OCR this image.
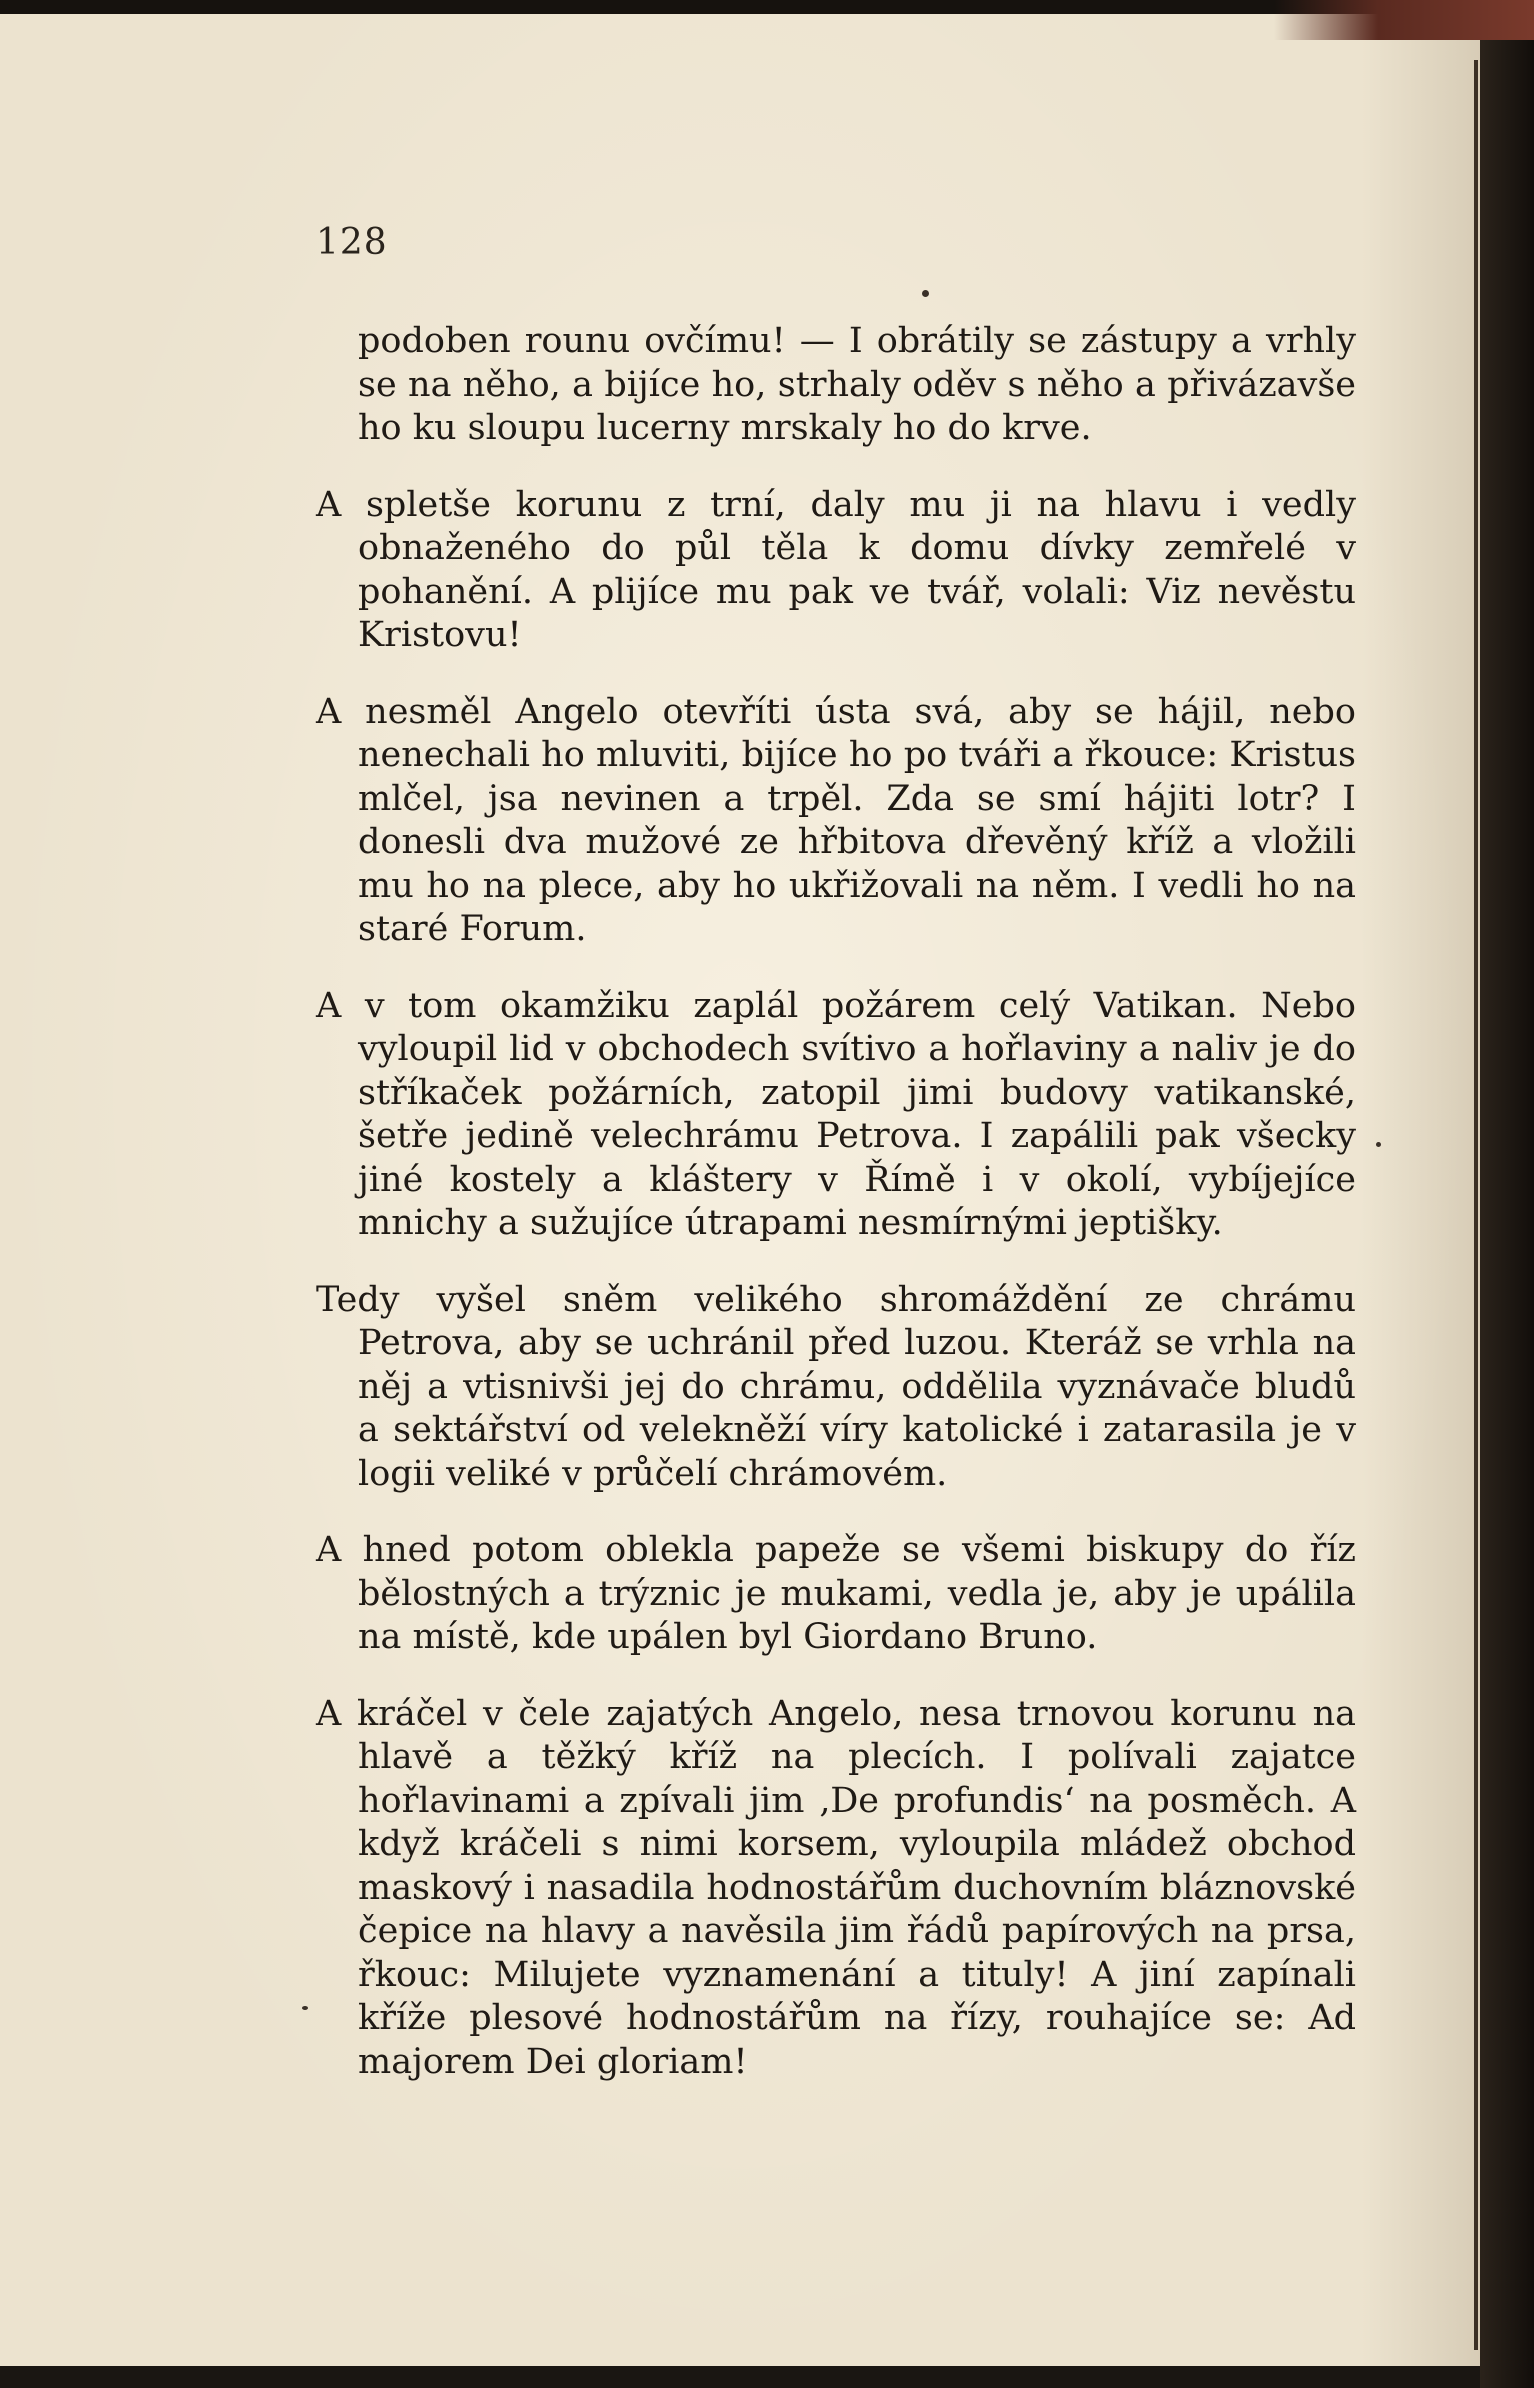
128

podoben rounu ovčímu! — I obrátily se zástupy a vrhly se na něho, a bijíce ho, strhaly oděv s něho a přivázavše ho ku sloupu lucerny mrskaly ho do krve.

A spletše korunu z trní, daly mu ji na hlavu i vedly obnaženého do půl těla k domu dívky zemřelé v pohanění. A plijíce mu pak ve tvář, volali: Viz nevěstu Kristovu!

A nesměl Angelo otevříti ústa svá, aby se hájil, nebo nenechali ho mluviti, bijíce ho po tváři a řkouce: Kristus mlčel, jsa nevinen a trpěl. Zda se smí hájiti lotr? I donesli dva mužové ze hřbitova dřevěný kříž a vložili mu ho na plece, aby ho ukřižovali na něm. I vedli ho na staré Forum.

A v tom okamžiku zaplál požárem celý Vatikan. Nebo vyloupil lid v obchodech svítivo a hořlaviny a naliv je do stříkaček požárních, zatopil jimi budovy vatikanské, šetře jedině velechrámu Petrova. I zapálili pak všecky jiné kostely a kláštery v Římě i v okolí, vybíjejíce mnichy a sužujíce útrapami nesmírnými jeptišky.

Tedy vyšel sněm velikého shromáždění ze chrámu Petrova, aby se uchránil před luzou. Kteráž se vrhla na něj a vtisnivši jej do chrámu, oddělila vyznávače bludů a sektářství od velekněží víry katolické i zatarasila je v logii veliké v průčelí chrámovém.

A hned potom oblekla papeže se všemi biskupy do říz bělostných a trýznic je mukami, vedla je, aby je upálila na místě, kde upálen byl Giordano Bruno.

A kráčel v čele zajatých Angelo, nesa trnovou korunu na hlavě a těžký kříž na plecích. I polívali zajatce hořlavinami a zpívali jim ‚De profundis‘ na posměch. A když kráčeli s nimi korsem, vyloupila mládež obchod maskový i nasadila hodnostářům duchovním bláznovské čepice na hlavy a navěsila jim řádů papírových na prsa, řkouc: Milujete vyznamenání a tituly! A jiní zapínali kříže plesové hodnostářům na řízy, rouhajíce se: Ad majorem Dei gloriam!
